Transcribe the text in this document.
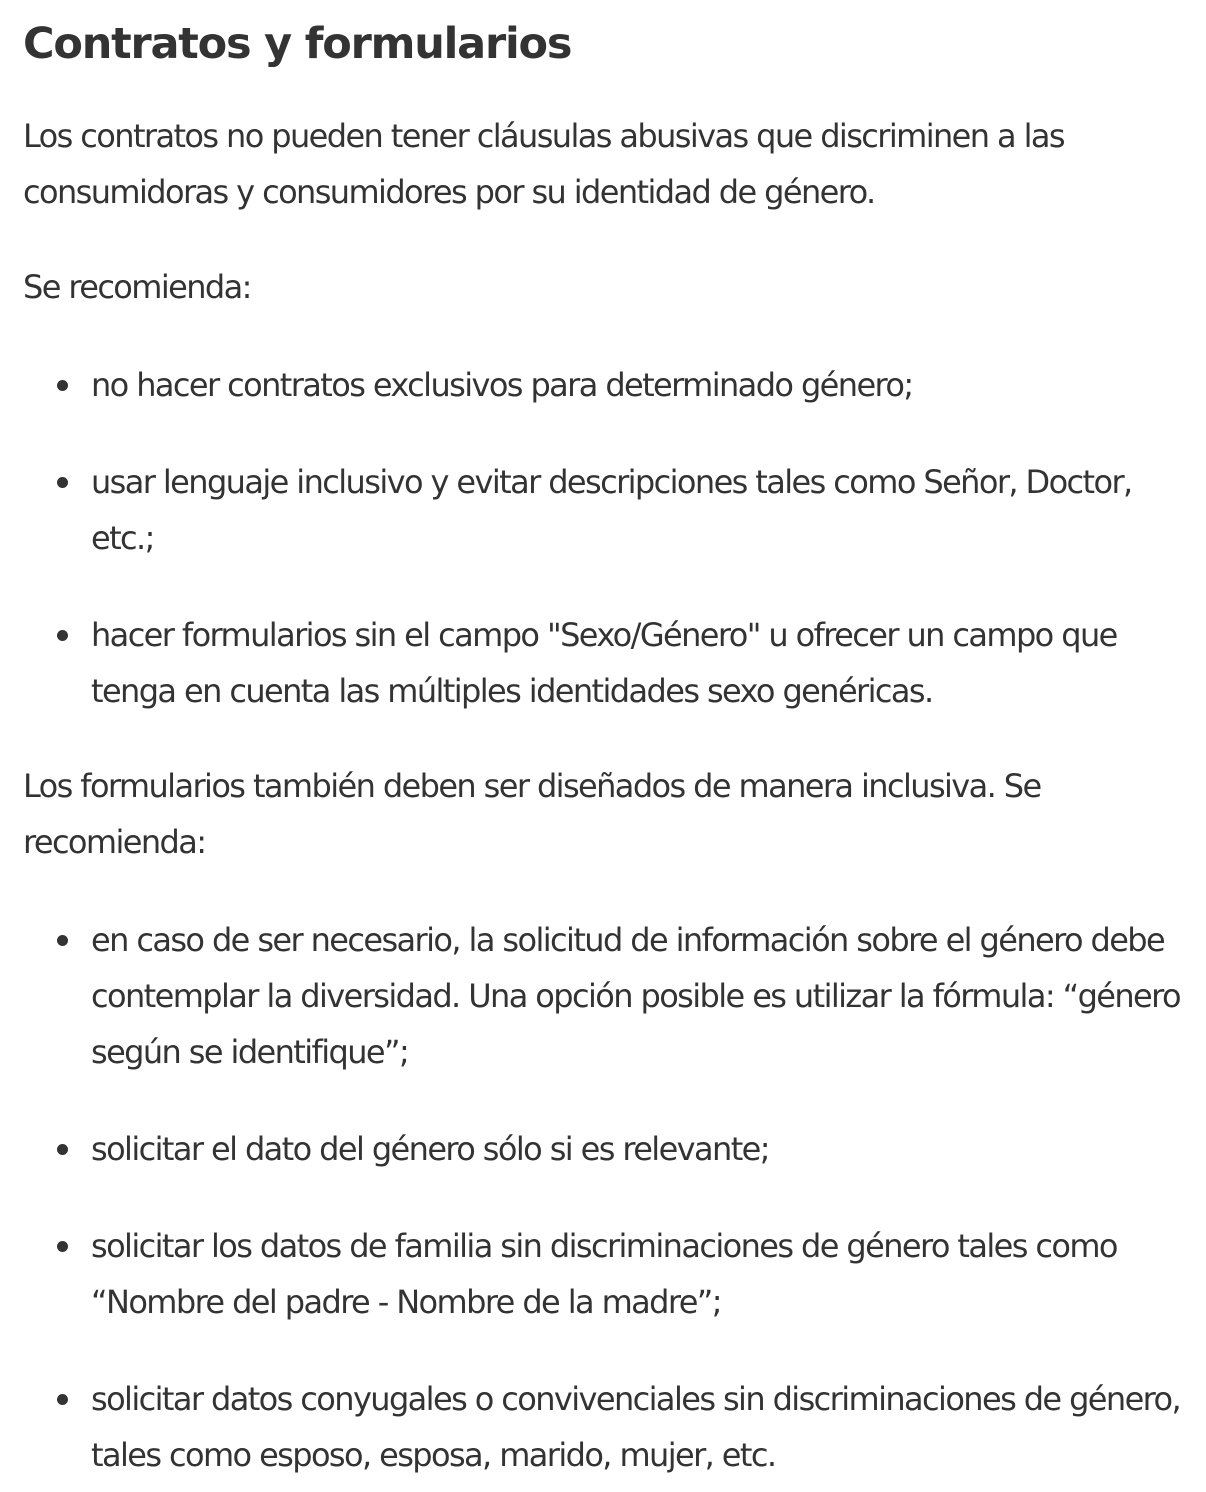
Contratos y formularios

Los contratos no pueden tener cláusulas abusivas que discriminen a las consumidoras y consumidores por su identidad de género.

Se recomienda:

no hacer contratos exclusivos para determinado género;
usar lenguaje inclusivo y evitar descripciones tales como Señor, Doctor, etc.;
hacer formularios sin el campo "Sexo/Género" u ofrecer un campo que tenga en cuenta las múltiples identidades sexo genéricas.

Los formularios también deben ser diseñados de manera inclusiva. Se recomienda:

en caso de ser necesario, la solicitud de información sobre el género debe contemplar la diversidad. Una opción posible es utilizar la fórmula: “género según se identifique”;
solicitar el dato del género sólo si es relevante;
solicitar los datos de familia sin discriminaciones de género tales como “Nombre del padre - Nombre de la madre”;
solicitar datos conyugales o convivenciales sin discriminaciones de género, tales como esposo, esposa, marido, mujer, etc.
